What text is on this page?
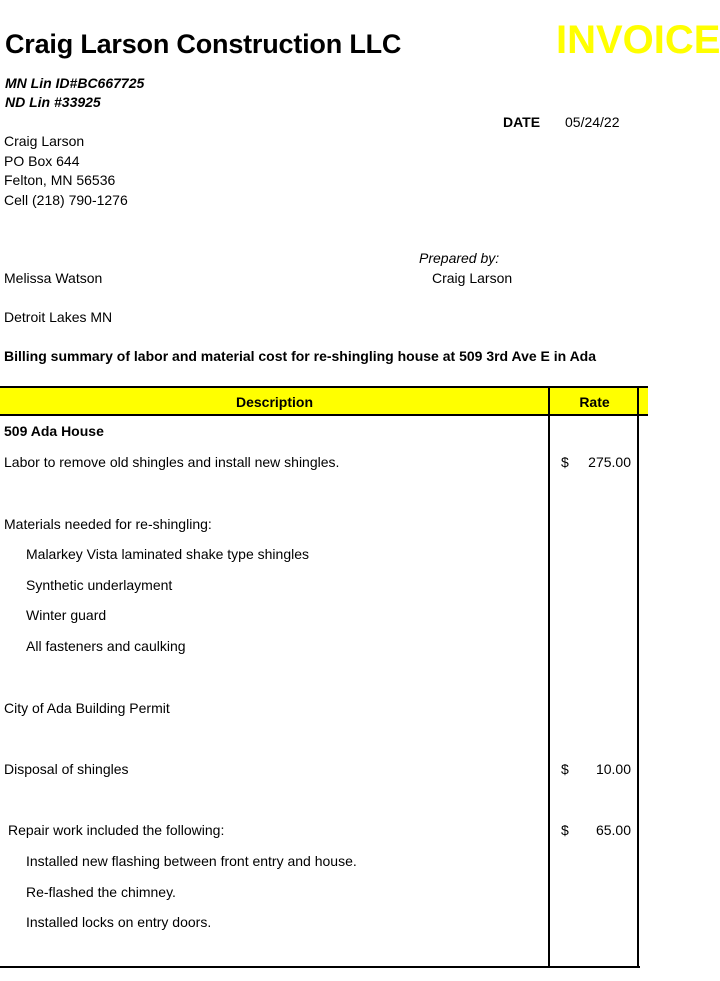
Craig Larson Construction LLC	INVOICE
MN Lin ID#BC667725
ND Lin #33925
DATE 05/24/22
Craig Larson
PO Box 644
Felton, MN 56536
Cell (218) 790-1276
Prepared by:
Craig Larson
Melissa Watson
Detroit Lakes MN
Billing summary of labor and material cost for re-shingling house at 509 3rd Ave E in Ada
Description	Rate
509 Ada House
Labor to remove old shingles and install new shingles.	$	275.00
Materials needed for re-shingling:
Malarkey Vista laminated shake type shingles
Synthetic underlayment
Winter guard
All fasteners and caulking
City of Ada Building Permit
Disposal of shingles	$	10.00
Repair work included the following:	$	65.00
Installed new flashing between front entry and house.
Re-flashed the chimney.
Installed locks on entry doors.
